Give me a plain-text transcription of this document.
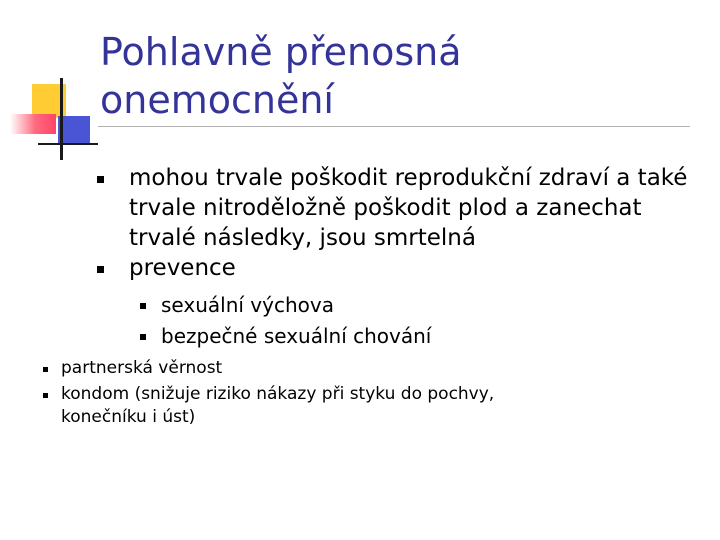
Pohlavně přenosná onemocnění
mohou trvale poškodit reprodukční zdraví a také trvale nitroděložně poškodit plod a zanechat trvalé následky, jsou smrtelná
prevence
sexuální výchova
bezpečné sexuální chování
partnerská věrnost
kondom (snižuje riziko nákazy při styku do pochvy, konečníku i úst)
